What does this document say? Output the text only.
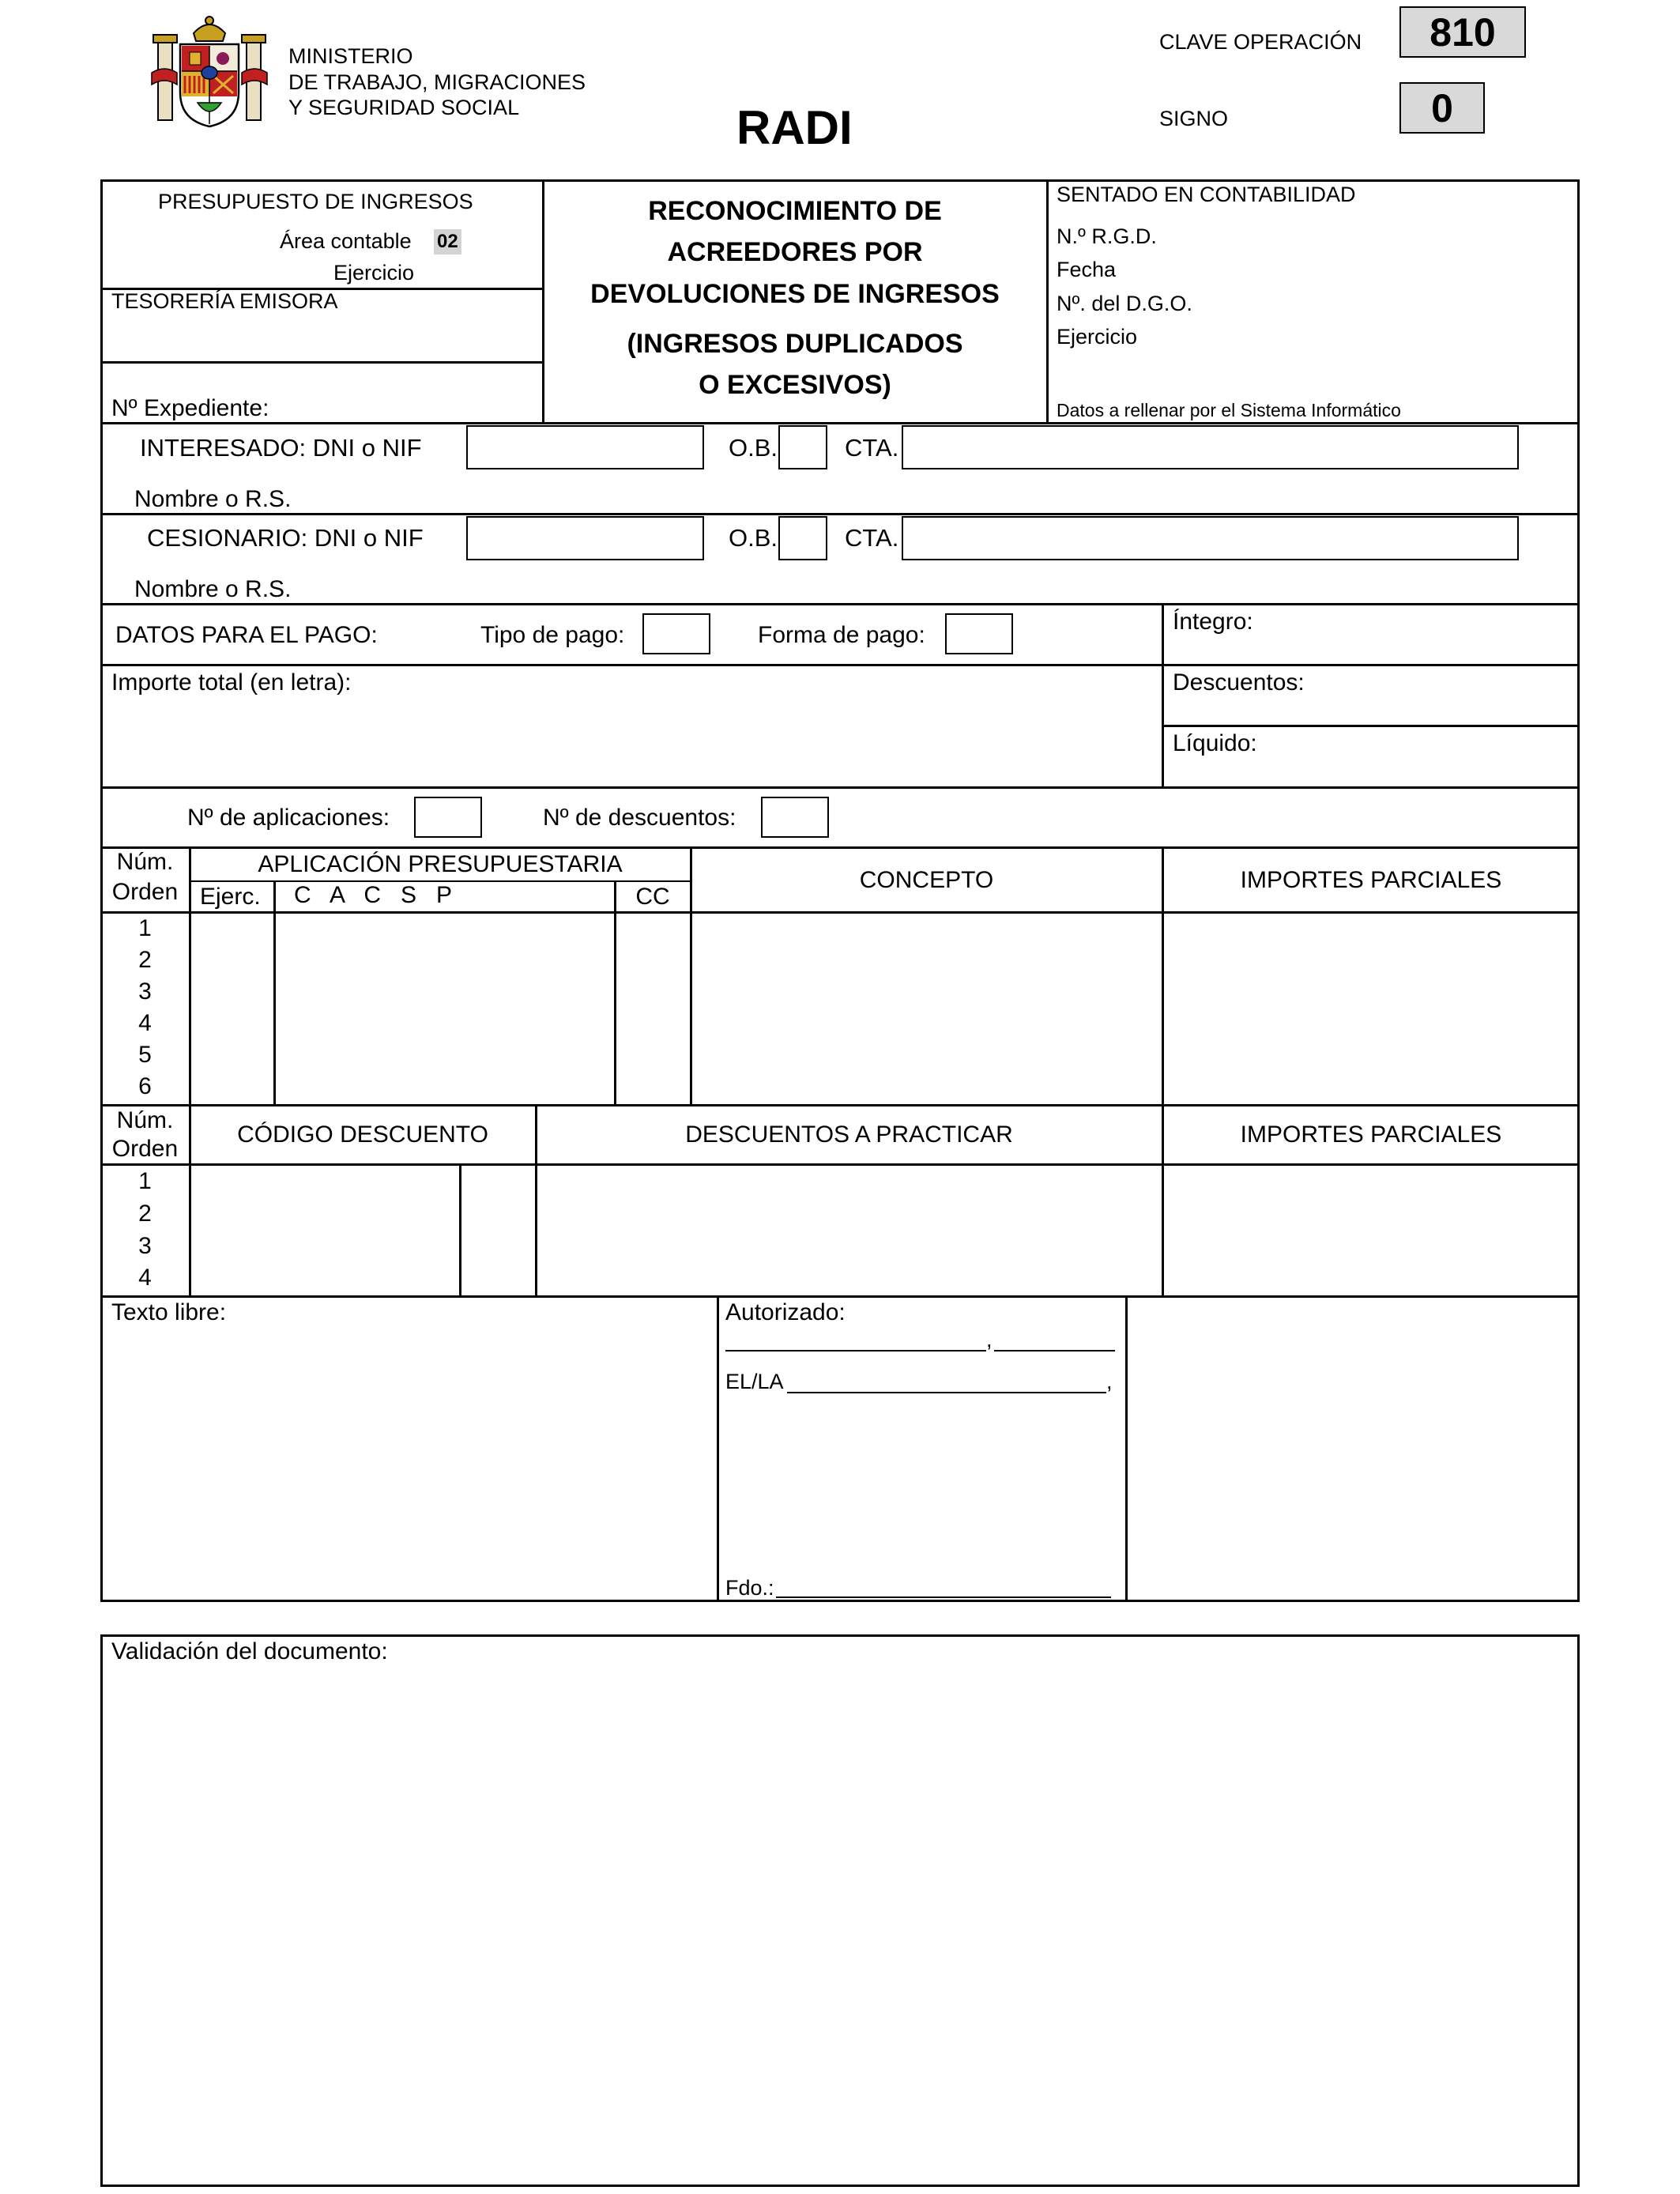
MINISTERIO
DE TRABAJO, MIGRACIONES
Y SEGURIDAD SOCIAL	RADI
CLAVE OPERACIÓN	810
SIGNO	0
PRESUPUESTO DE INGRESOS
Área contable 02
Ejercicio
TESORERÍA EMISORA
Nº Expediente:
RECONOCIMIENTO DE
ACREEDORES POR
DEVOLUCIONES DE INGRESOS
(INGRESOS DUPLICADOS
O EXCESIVOS)
SENTADO EN CONTABILIDAD
N.º R.G.D.
Fecha
Nº. del D.G.O.
Ejercicio
Datos a rellenar por el Sistema Informático
INTERESADO: DNI o NIF	O.B.	CTA.
Nombre o R.S.
CESIONARIO: DNI o NIF	O.B.	CTA.
Nombre o R.S.
DATOS PARA EL PAGO:	Tipo de pago:	Forma de pago:
Íntegro:
Importe total (en letra):	Descuentos:
Líquido:
Nº de aplicaciones:	Nº de descuentos:
Núm.
Orden
APLICACIÓN PRESUPUESTARIA
Ejerc. C   A   C   S   P	CC
CONCEPTO	IMPORTES PARCIALES
1
2
3
4
5
6
Núm.
Orden
CÓDIGO DESCUENTO	DESCUENTOS A PRACTICAR	IMPORTES PARCIALES
1
2
3
4
Texto libre:	Autorizado:
,
EL/LA	,
Fdo.:
Validación del documento:
